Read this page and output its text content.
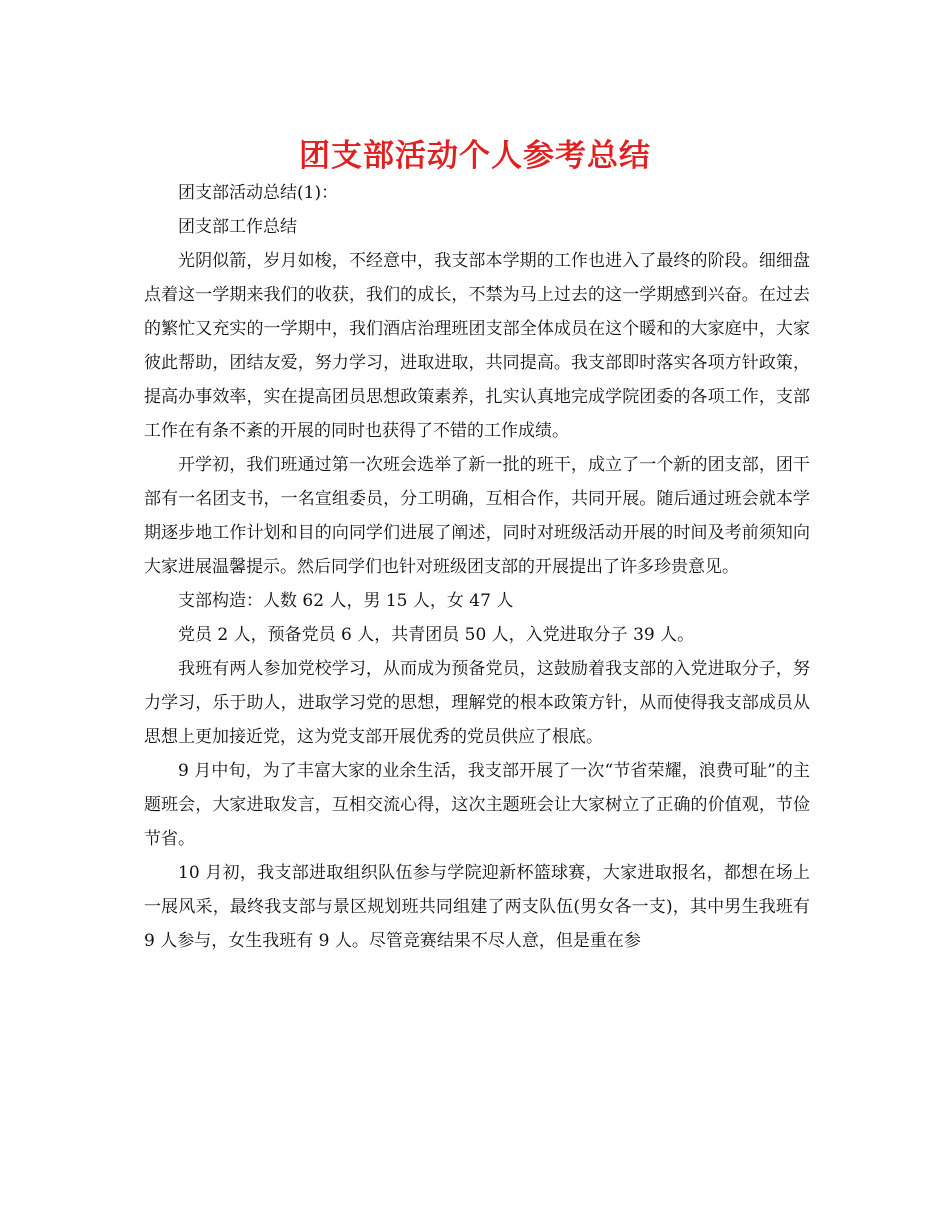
团支部活动个人参考总结

团支部活动总结(1)：

团支部工作总结

光阴似箭，岁月如梭，不经意中，我支部本学期的工作也进入了最终的阶段。细细盘点着这一学期来我们的收获，我们的成长，不禁为马上过去的这一学期感到兴奋。在过去的繁忙又充实的一学期中，我们酒店治理班团支部全体成员在这个暖和的大家庭中，大家彼此帮助，团结友爱，努力学习，进取进取，共同提高。我支部即时落实各项方针政策，提高办事效率，实在提高团员思想政策素养，扎实认真地完成学院团委的各项工作，支部工作在有条不紊的开展的同时也获得了不错的工作成绩。

开学初，我们班通过第一次班会选举了新一批的班干，成立了一个新的团支部，团干部有一名团支书，一名宣组委员，分工明确，互相合作，共同开展。随后通过班会就本学期逐步地工作计划和目的向同学们进展了阐述，同时对班级活动开展的时间及考前须知向大家进展温馨提示。然后同学们也针对班级团支部的开展提出了许多珍贵意见。

支部构造：人数 62 人，男 15 人，女 47 人

党员 2 人，预备党员 6 人，共青团员 50 人，入党进取分子 39 人。

我班有两人参加党校学习，从而成为预备党员，这鼓励着我支部的入党进取分子，努力学习，乐于助人，进取学习党的思想，理解党的根本政策方针，从而使得我支部成员从思想上更加接近党，这为党支部开展优秀的党员供应了根底。

9 月中旬，为了丰富大家的业余生活，我支部开展了一次“节省荣耀，浪费可耻”的主题班会，大家进取发言，互相交流心得，这次主题班会让大家树立了正确的价值观，节俭节省。

10 月初，我支部进取组织队伍参与学院迎新杯篮球赛，大家进取报名，都想在场上一展风采，最终我支部与景区规划班共同组建了两支队伍(男女各一支)，其中男生我班有 9 人参与，女生我班有 9 人。尽管竞赛结果不尽人意，但是重在参
